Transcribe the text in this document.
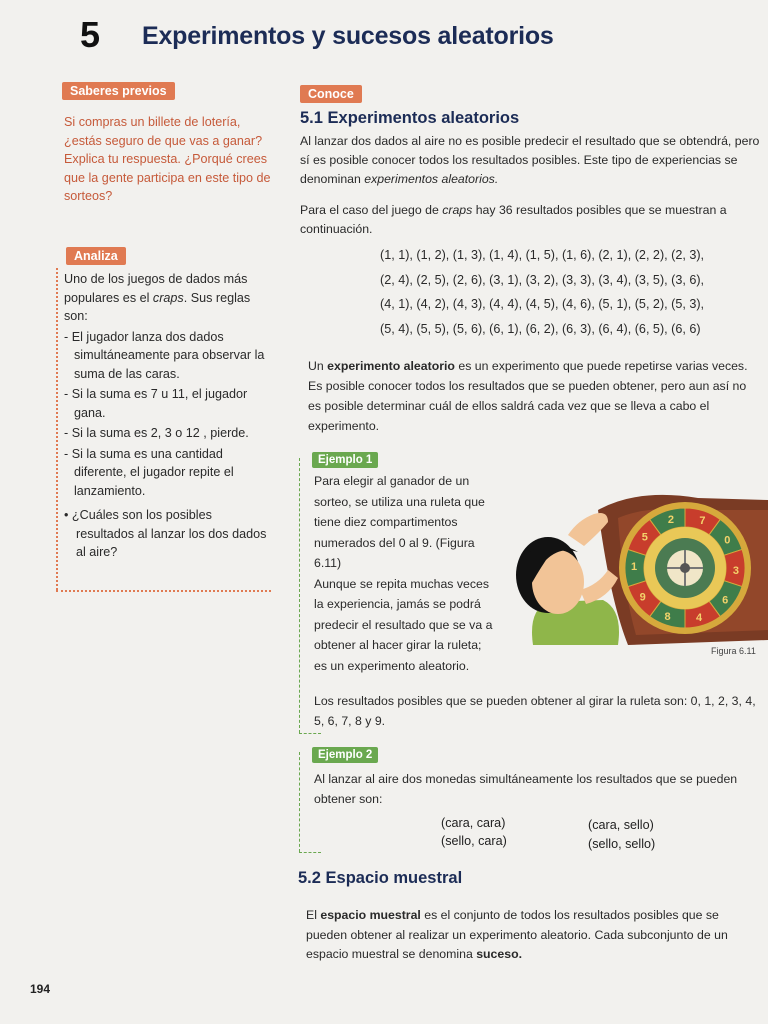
5 Experimentos y sucesos aleatorios
Saberes previos
Si compras un billete de lotería, ¿estás seguro de que vas a ganar? Explica tu respuesta. ¿Porqué crees que la gente participa en este tipo de sorteos?
Analiza

Uno de los juegos de dados más populares es el craps. Sus reglas son:

- El jugador lanza dos dados simultáneamente para observar la suma de las caras.

- Si la suma es 7 u 11, el jugador gana.

- Si la suma es 2, 3 o 12 , pierde.

- Si la suma es una cantidad diferente, el jugador repite el lanzamiento.

• ¿Cuáles son los posibles resultados al lanzar los dos dados al aire?

Conoce
5.1 Experimentos aleatorios

Al lanzar dos dados al aire no es posible predecir el resultado que se obtendrá, pero sí es posible conocer todos los resultados posibles. Este tipo de experiencias se denominan experimentos aleatorios.

Para el caso del juego de craps hay 36 resultados posibles que se muestran a continuación.

(1, 1), (1, 2), (1, 3), (1, 4), (1, 5), (1, 6), (2, 1), (2, 2), (2, 3),

(2, 4), (2, 5), (2, 6), (3, 1), (3, 2), (3, 3), (3, 4), (3, 5), (3, 6),

(4, 1), (4, 2), (4, 3), (4, 4), (4, 5), (4, 6), (5, 1), (5, 2), (5, 3),

(5, 4), (5, 5), (5, 6), (6, 1), (6, 2), (6, 3), (6, 4), (6, 5), (6, 6)

Un experimento aleatorio es un experimento que puede repetirse varias veces. Es posible conocer todos los resultados que se pueden obtener, pero aun así no es posible determinar cuál de ellos saldrá cada vez que se lleva a cabo el experimento.

Ejemplo 1

Para elegir al ganador de un sorteo, se utiliza una ruleta que tiene diez compartimentos numerados del 0 al 9. (Figura 6.11)

Aunque se repita muchas veces la experiencia, jamás se podrá predecir el resultado que se va a obtener al hacer girar la ruleta; es un experimento aleatorio.

Los resultados posibles que se pueden obtener al girar la ruleta son: 0, 1, 2, 3, 4, 5, 6, 7, 8 y 9.
7
0
3
6
4
8
9
1
5
2
Figura 6.11
Ejemplo 2
Al lanzar al aire dos monedas simultáneamente los resultados que se pueden obtener son:
(cara, cara)	(cara, sello)
(sello, cara)	(sello, sello)
5.2 Espacio muestral

El espacio muestral es el conjunto de todos los resultados posibles que se pueden obtener al realizar un experimento aleatorio. Cada subconjunto de un espacio muestral se denomina suceso.

194
